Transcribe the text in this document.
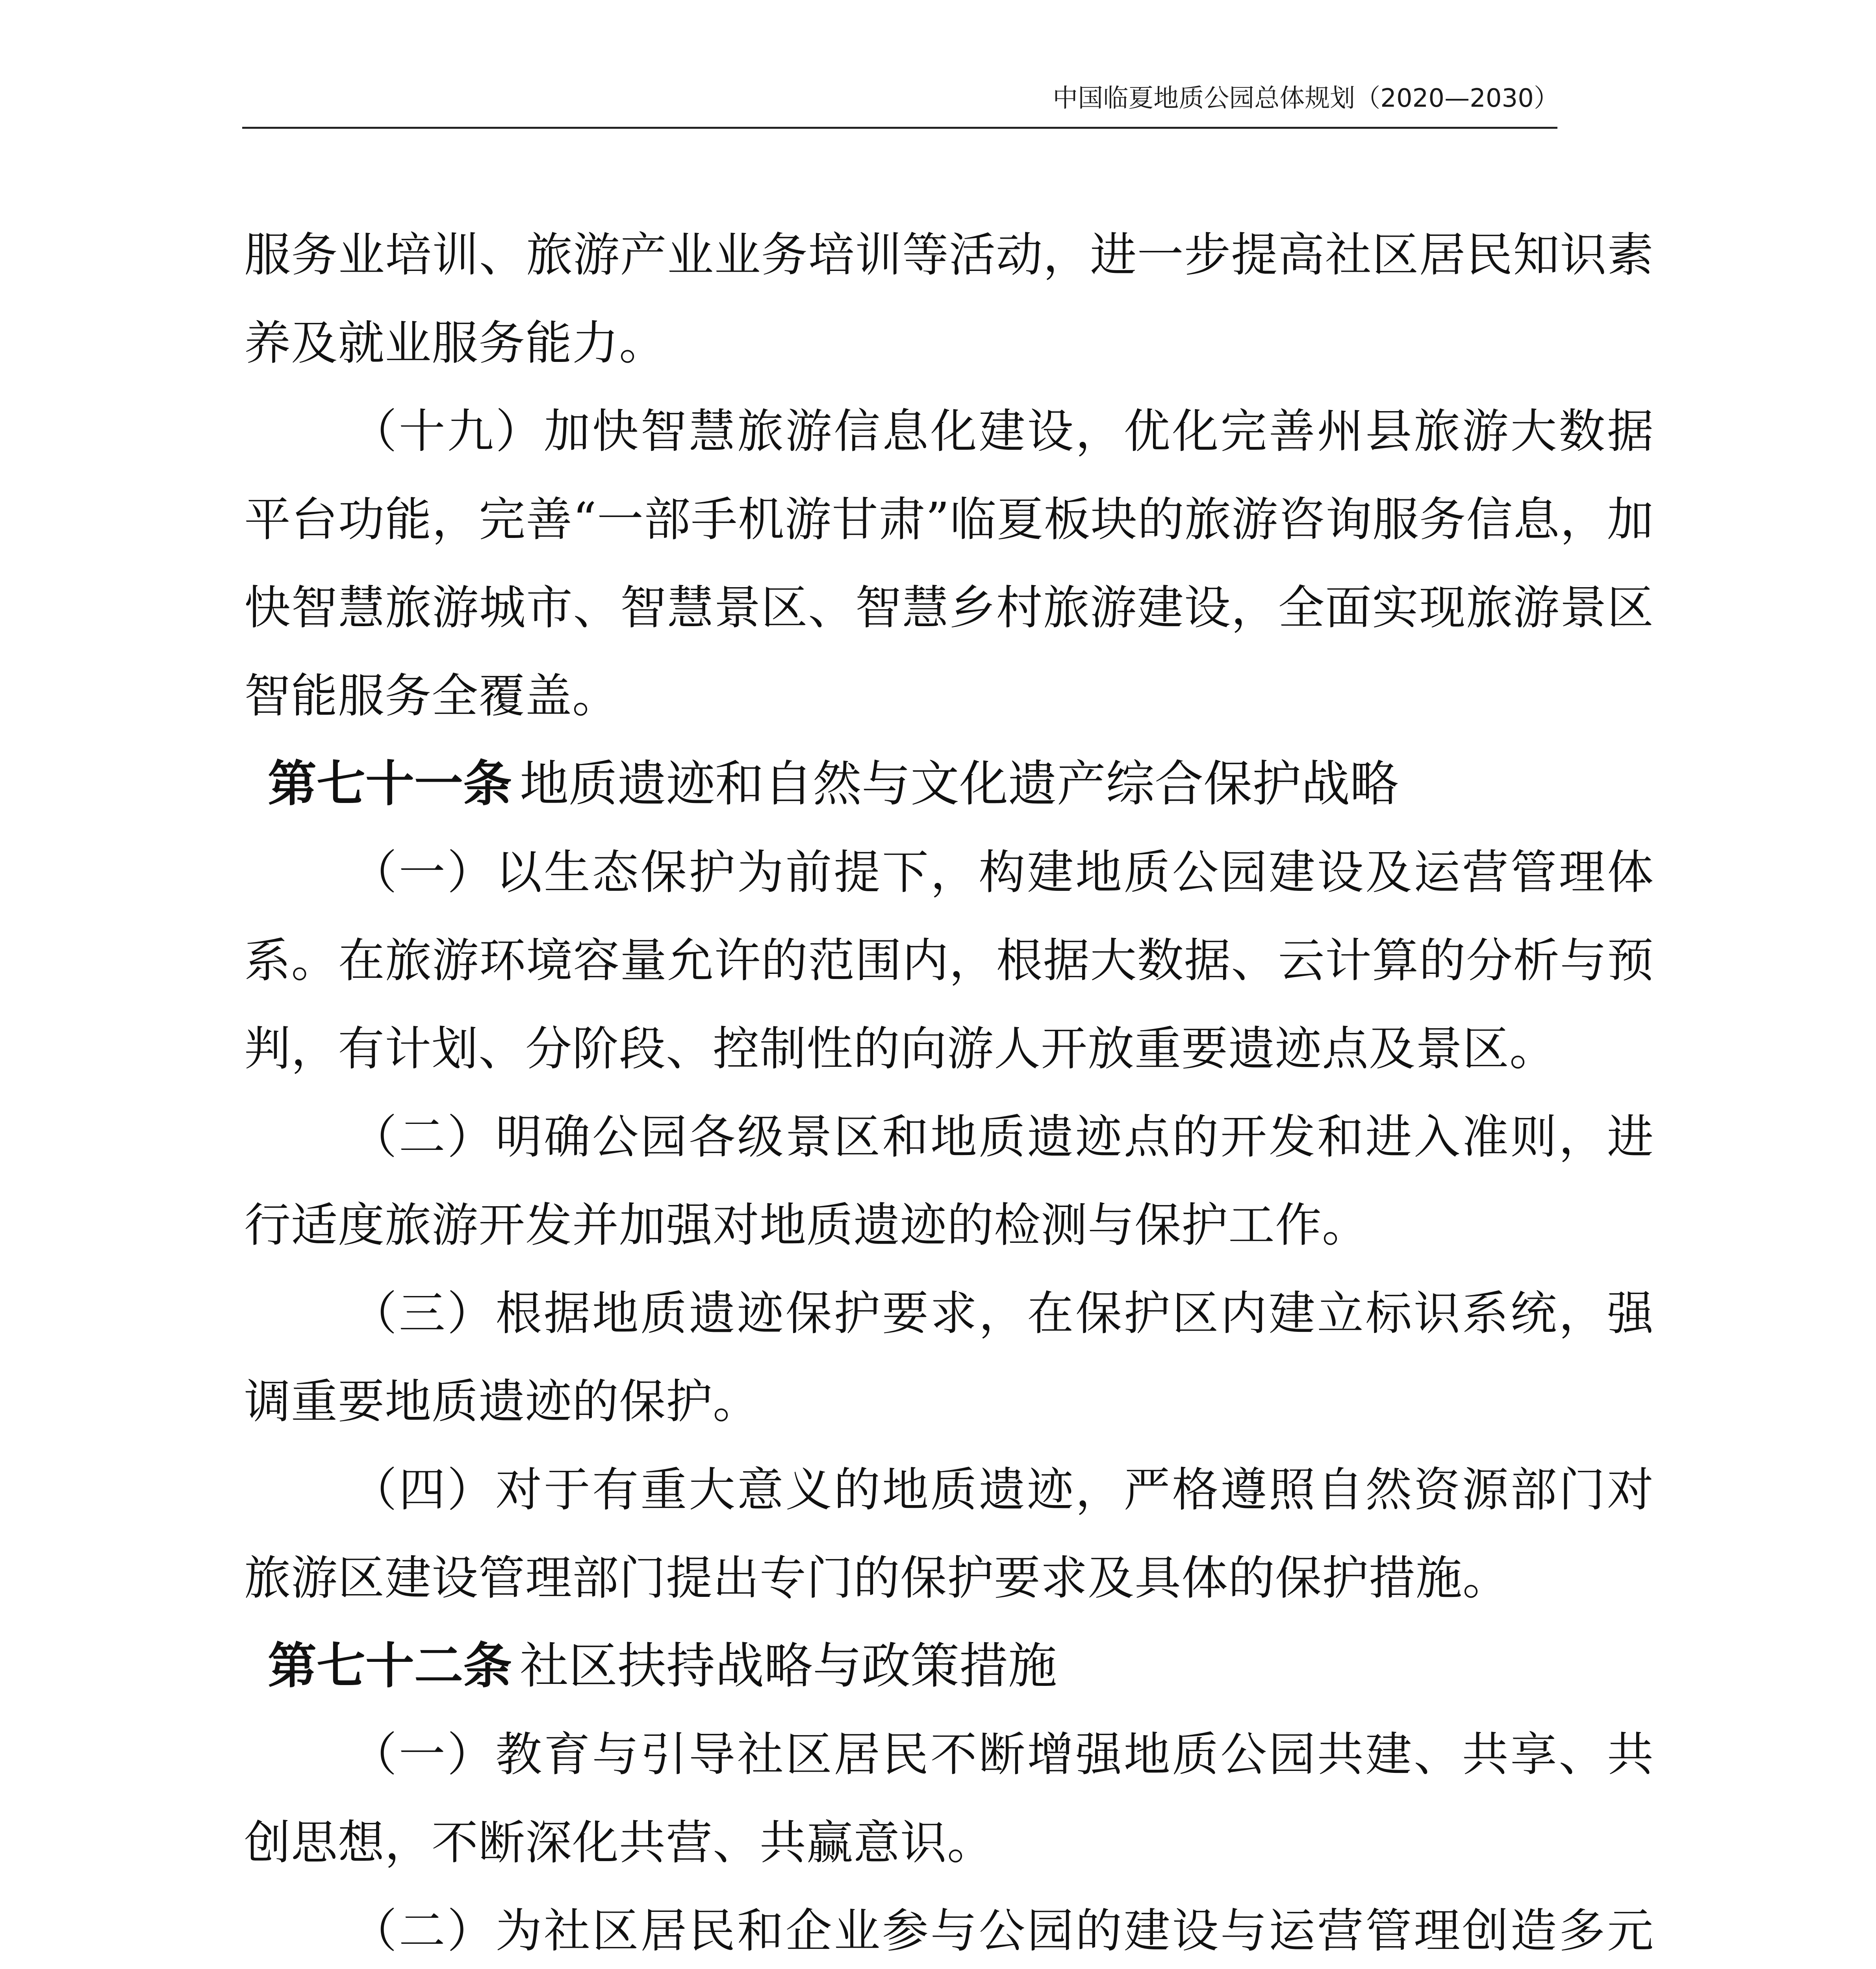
中国临夏地质公园总体规划（2020—2030）

服务业培训、旅游产业业务培训等活动，进一步提高社区居民知识素养及就业服务能力。

（十九）加快智慧旅游信息化建设，优化完善州县旅游大数据平台功能，完善“一部手机游甘肃”临夏板块的旅游咨询服务信息，加快智慧旅游城市、智慧景区、智慧乡村旅游建设，全面实现旅游景区智能服务全覆盖。

第七十一条 地质遗迹和自然与文化遗产综合保护战略

（一）以生态保护为前提下，构建地质公园建设及运营管理体系。在旅游环境容量允许的范围内，根据大数据、云计算的分析与预判，有计划、分阶段、控制性的向游人开放重要遗迹点及景区。

（二）明确公园各级景区和地质遗迹点的开发和进入准则，进行适度旅游开发并加强对地质遗迹的检测与保护工作。

（三）根据地质遗迹保护要求，在保护区内建立标识系统，强调重要地质遗迹的保护。

（四）对于有重大意义的地质遗迹，严格遵照自然资源部门对旅游区建设管理部门提出专门的保护要求及具体的保护措施。

第七十二条 社区扶持战略与政策措施

（一）教育与引导社区居民不断增强地质公园共建、共享、共创思想，不断深化共营、共赢意识。

（二）为社区居民和企业参与公园的建设与运营管理创造多元
